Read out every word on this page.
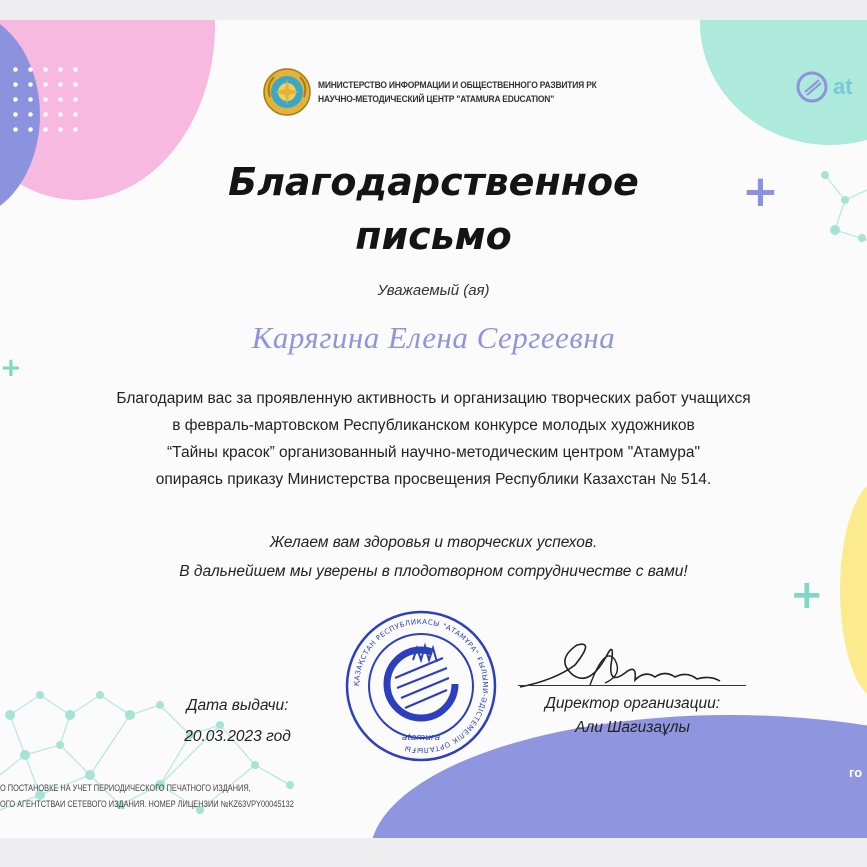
+
+
+
МИНИСТЕРСТВО ИНФОРМАЦИИ И ОБЩЕСТВЕННОГО РАЗВИТИЯ РК
НАУЧНО-МЕТОДИЧЕСКИЙ ЦЕНТР "ATAMURA EDUCATION"	at
Благодарственное
письмо
Уважаемый (ая)
Карягина Елена Сергеевна
Благодарим вас за проявленную активность и организацию творческих работ учащихся
в февраль-мартовском Республиканском конкурсе молодых художников
“Тайны красок” организованный научно-методическим центром "Атамура"
опираясь приказу Министерства просвещения Республики Казахстан № 514.
Желаем вам здоровья и творческих успехов.
В дальнейшем мы уверены в плодотворном сотрудничестве с вами!
ҚАЗАҚСТАН РЕСПУБЛИКАСЫ "АТАМҰРА" ҒЫЛЫМИ-ӘДІСТЕМЕЛІК ОРТАЛЫҒЫ
atamura
Дата выдачи:
20.03.2023 год
Директор организации:
Али Шагизаұлы
О ПОСТАНОВКЕ НА УЧЕТ ПЕРИОДИЧЕСКОГО ПЕЧАТНОГО ИЗДАНИЯ,
ОГО АГЕНТСТВАИ СЕТЕВОГО ИЗДАНИЯ. НОМЕР ЛИЦЕНЗИИ №KZ63VPY00045132
го
